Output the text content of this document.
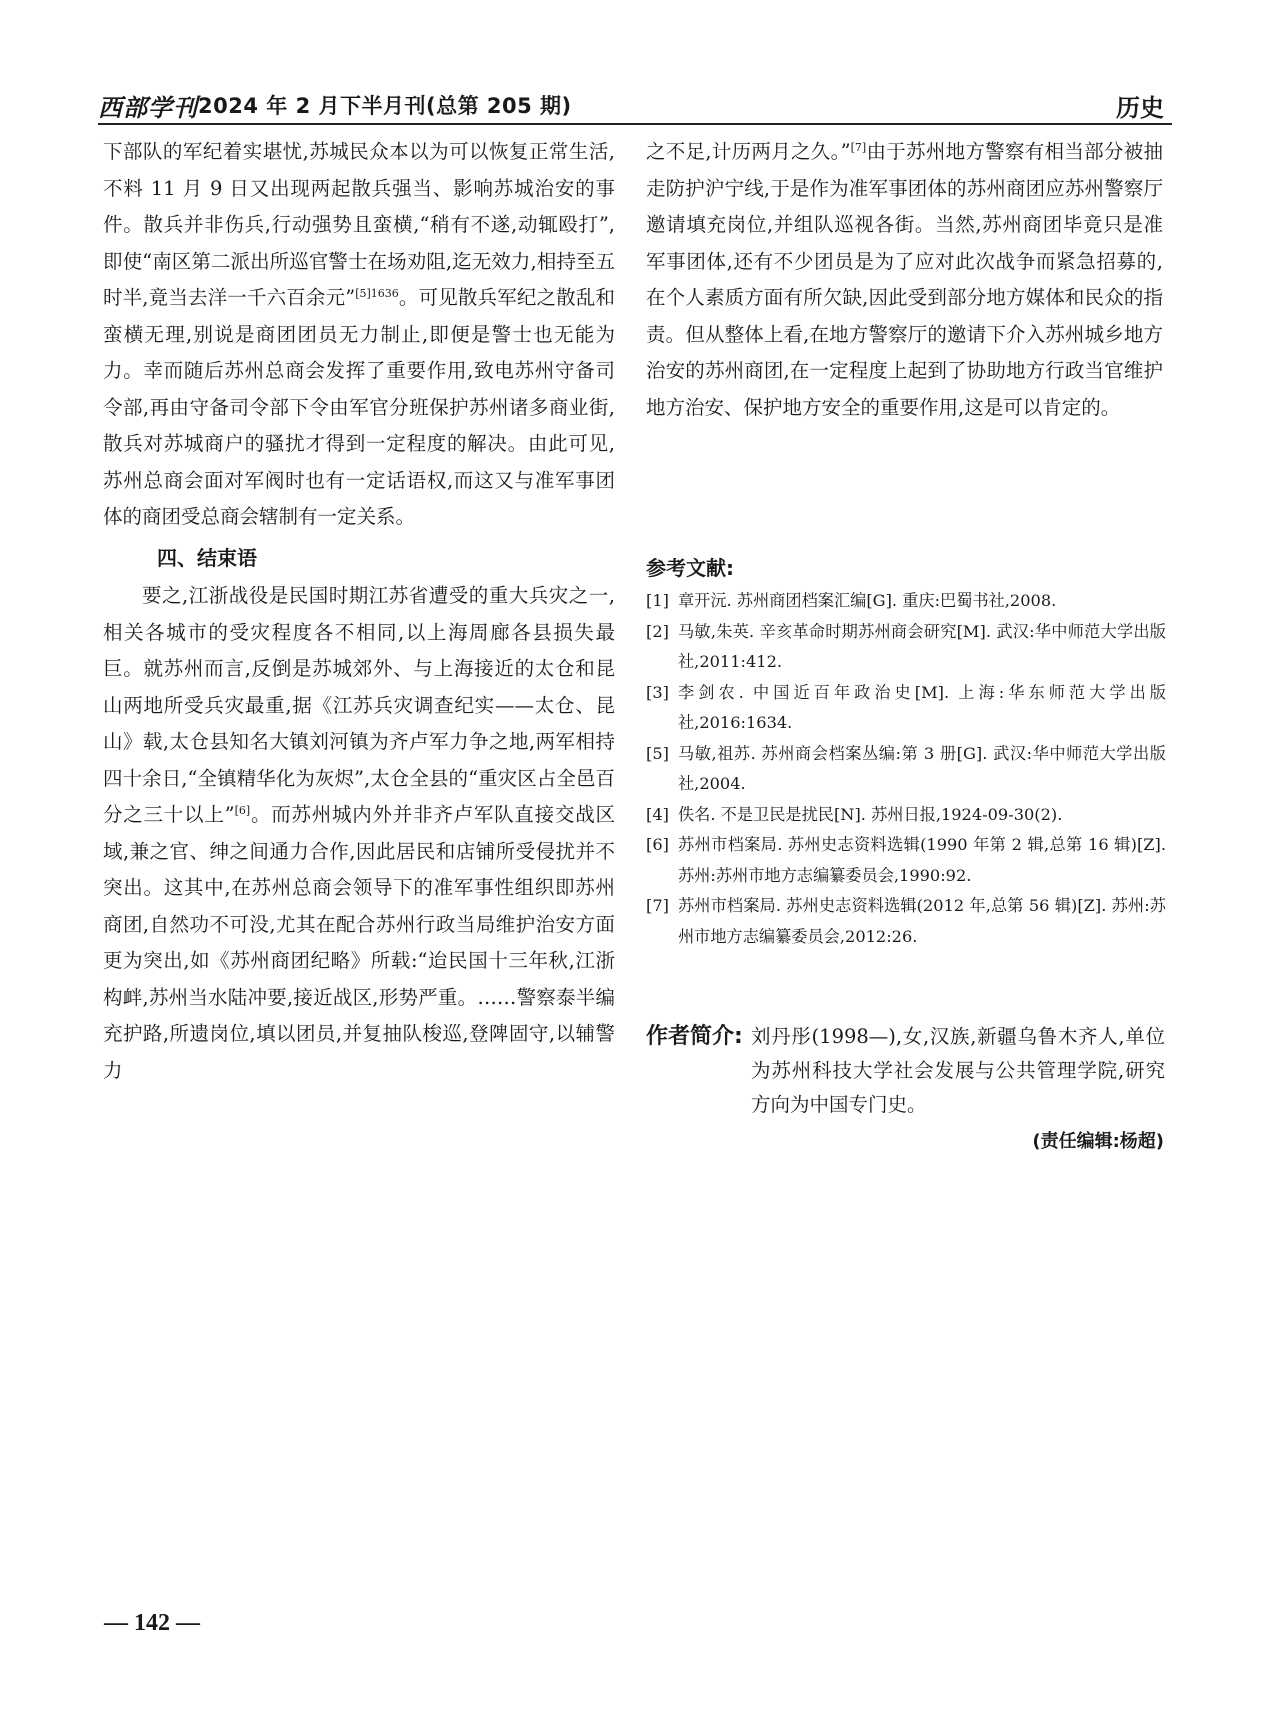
西部学刊 2024 年 2 月下半月刊(总第 205 期)	历史

下部队的军纪着实堪忧,苏城民众本以为可以恢复正常生活,不料 11 月 9 日又出现两起散兵强当、影响苏城治安的事件。散兵并非伤兵,行动强势且蛮横,“稍有不遂,动辄殴打”,即使“南区第二派出所巡官警士在场劝阻,迄无效力,相持至五时半,竟当去洋一千六百余元”$^{[5]1636}$。可见散兵军纪之散乱和蛮横无理,别说是商团团员无力制止,即便是警士也无能为力。幸而随后苏州总商会发挥了重要作用,致电苏州守备司令部,再由守备司令部下令由军官分班保护苏州诸多商业街,散兵对苏城商户的骚扰才得到一定程度的解决。由此可见,苏州总商会面对军阀时也有一定话语权,而这又与准军事团体的商团受总商会辖制有一定关系。

四、结束语

要之,江浙战役是民国时期江苏省遭受的重大兵灾之一,相关各城市的受灾程度各不相同,以上海周廊各县损失最巨。就苏州而言,反倒是苏城郊外、与上海接近的太仓和昆山两地所受兵灾最重,据《江苏兵灾调查纪实——太仓、昆山》载,太仓县知名大镇刘河镇为齐卢军力争之地,两军相持四十余日,“全镇精华化为灰烬”,太仓全县的“重灾区占全邑百分之三十以上”[6]。而苏州城内外并非齐卢军队直接交战区域,兼之官、绅之间通力合作,因此居民和店铺所受侵扰并不突出。这其中,在苏州总商会领导下的准军事性组织即苏州商团,自然功不可没,尤其在配合苏州行政当局维护治安方面更为突出,如《苏州商团纪略》所载:“迨民国十三年秋,江浙构衅,苏州当水陆冲要,接近战区,形势严重。……警察泰半编充护路,所遗岗位,填以团员,并复抽队梭巡,登陴固守,以辅警力

之不足,计历两月之久。”[7]由于苏州地方警察有相当部分被抽走防护沪宁线,于是作为准军事团体的苏州商团应苏州警察厅邀请填充岗位,并组队巡视各街。当然,苏州商团毕竟只是准军事团体,还有不少团员是为了应对此次战争而紧急招募的,在个人素质方面有所欠缺,因此受到部分地方媒体和民众的指责。但从整体上看,在地方警察厅的邀请下介入苏州城乡地方治安的苏州商团,在一定程度上起到了协助地方行政当官维护地方治安、保护地方安全的重要作用,这是可以肯定的。

参考文献:
[1] 章开沅. 苏州商团档案汇编[G]. 重庆:巴蜀书社,2008.
[2] 马敏,朱英. 辛亥革命时期苏州商会研究[M]. 武汉:华中师范大学出版社,2011:412.
[3] 李剑农. 中国近百年政治史[M]. 上海:华东师范大学出版社,2016:1634.
[5] 马敏,祖苏. 苏州商会档案丛编:第 3 册[G]. 武汉:华中师范大学出版社,2004.
[4] 佚名. 不是卫民是扰民[N]. 苏州日报,1924-09-30(2).
[6] 苏州市档案局. 苏州史志资料选辑(1990 年第 2 辑,总第 16 辑)[Z]. 苏州:苏州市地方志编纂委员会,1990:92.
[7] 苏州市档案局. 苏州史志资料选辑(2012 年,总第 56 辑)[Z]. 苏州:苏州市地方志编纂委员会,2012:26.
作者简介: 刘丹彤(1998—),女,汉族,新疆乌鲁木齐人,单位为苏州科技大学社会发展与公共管理学院,研究方向为中国专门史。
(责任编辑:杨超)
— 142 —
